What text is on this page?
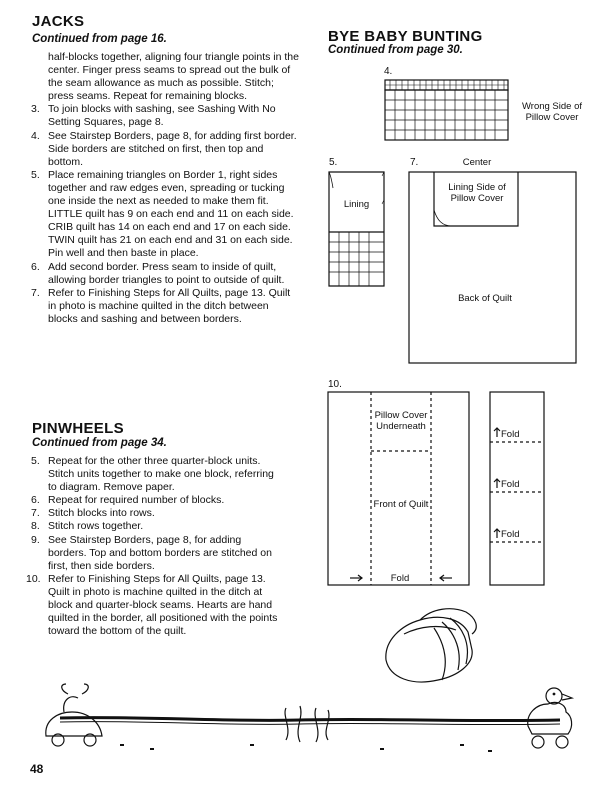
JACKS
Continued from page 16.
half-blocks together, aligning four triangle points in the center. Finger press seams to spread out the bulk of the seam allowance as much as possible. Stitch; press seams. Repeat for remaining blocks.
3. To join blocks with sashing, see Sashing With No Setting Squares, page 8.
4. See Stairstep Borders, page 8, for adding first border. Side borders are stitched on first, then top and bottom.
5. Place remaining triangles on Border 1, right sides together and raw edges even, spreading or tucking one inside the next as needed to make them fit. LITTLE quilt has 9 on each end and 11 on each side. CRIB quilt has 14 on each end and 17 on each side. TWIN quilt has 21 on each end and 31 on each side. Pin well and then baste in place.
6. Add second border. Press seam to inside of quilt, allowing border triangles to point to outside of quilt.
7. Refer to Finishing Steps for All Quilts, page 13. Quilt in photo is machine quilted in the ditch between blocks and sashing and between borders.
PINWHEELS
Continued from page 34.
5. Repeat for the other three quarter-block units. Stitch units together to make one block, referring to diagram. Remove paper.
6. Repeat for required number of blocks.
7. Stitch blocks into rows.
8. Stitch rows together.
9. See Stairstep Borders, page 8, for adding borders. Top and bottom borders are stitched on first, then side borders.
10. Refer to Finishing Steps for All Quilts, page 13. Quilt in photo is machine quilted in the ditch at block and quarter-block seams. Hearts are hand quilted in the border, all positioned with the points toward the bottom of the quilt.
BYE BABY BUNTING
Continued from page 30.
4.
Wrong Side of Pillow Cover
5.
Lining
7.	Center
Lining Side of Pillow Cover
Back of Quilt
10.
Pillow Cover Underneath
Front of Quilt
Fold
Fold
Fold
Fold
48
